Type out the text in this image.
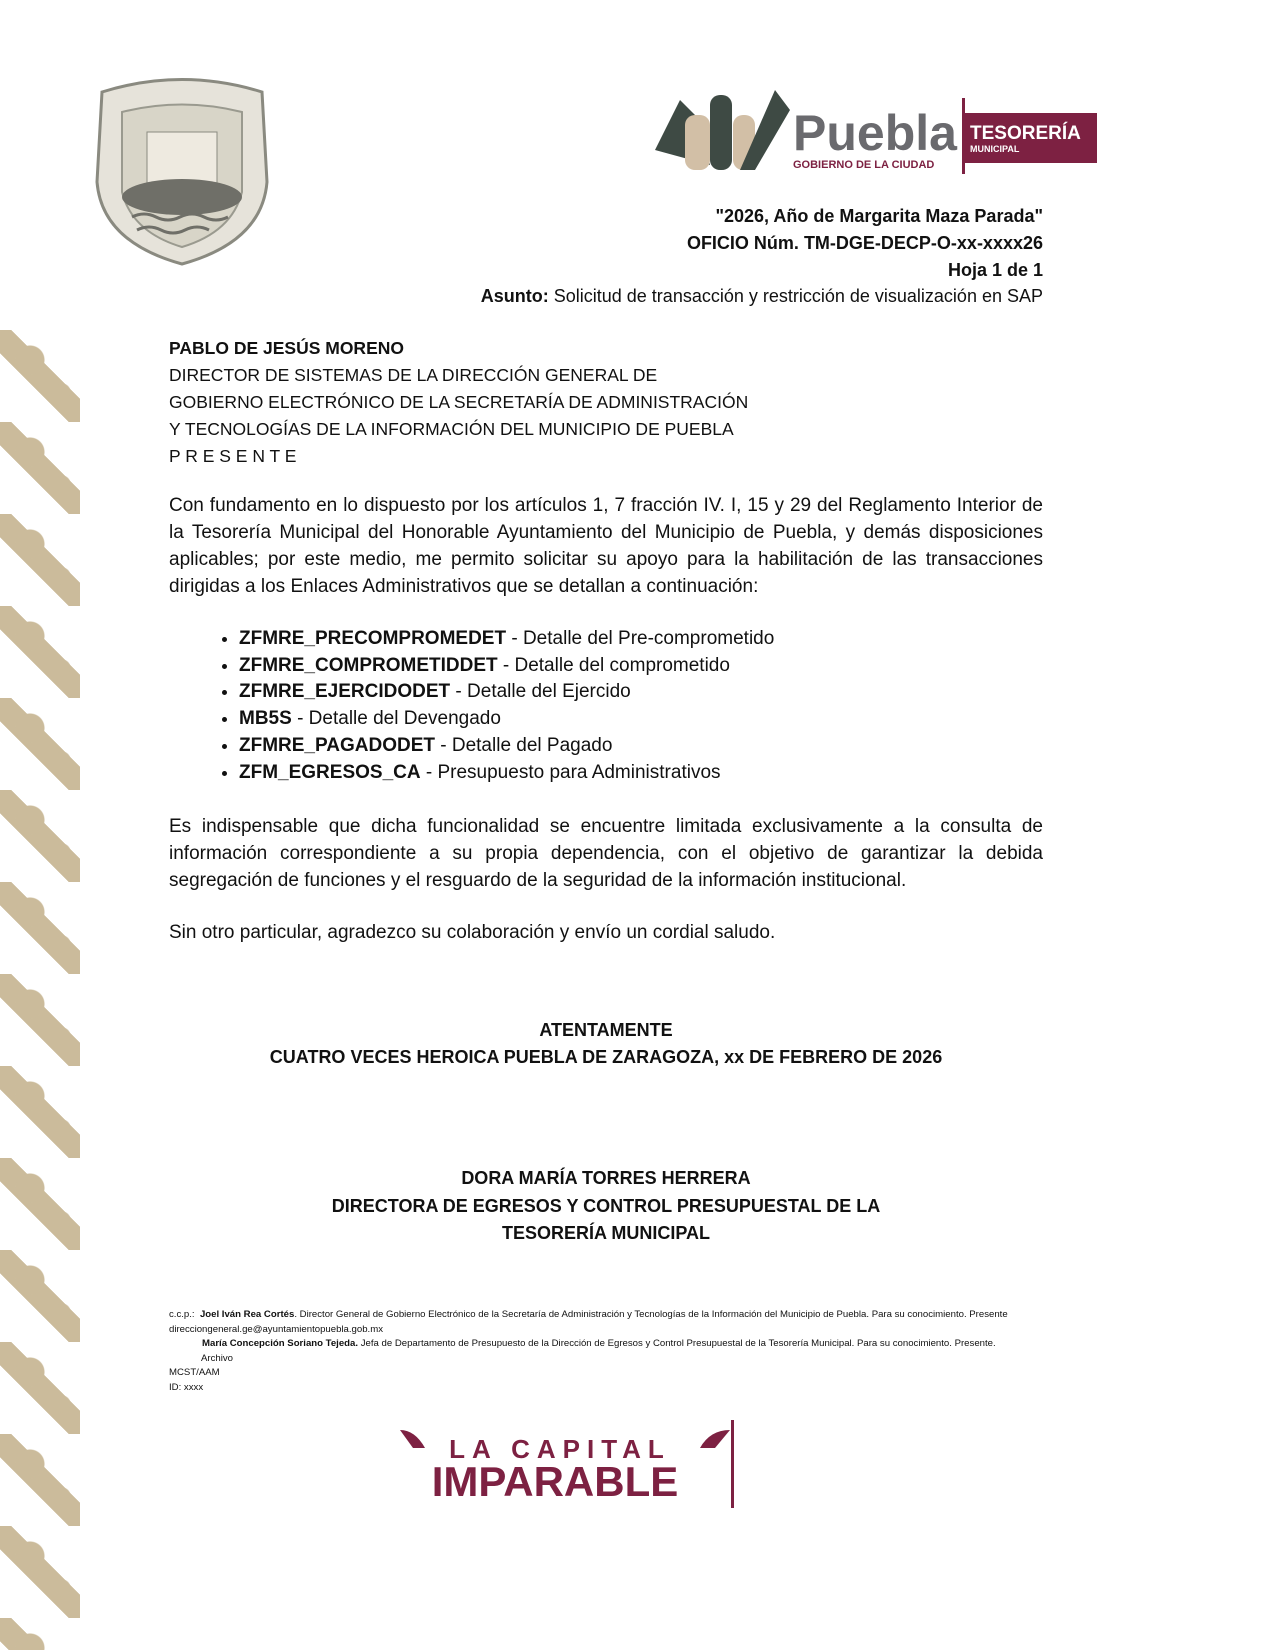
Puebla
GOBIERNO DE LA CIUDAD
TESORERÍA
MUNICIPAL
"2026, Año de Margarita Maza Parada"
OFICIO Núm. TM-DGE-DECP-O-xx-xxxx26
Hoja 1 de 1
Asunto: Solicitud de transacción y restricción de visualización en SAP
PABLO DE JESÚS MORENO
DIRECTOR DE SISTEMAS DE LA DIRECCIÓN GENERAL DE
GOBIERNO ELECTRÓNICO DE LA SECRETARÍA DE ADMINISTRACIÓN
Y TECNOLOGÍAS DE LA INFORMACIÓN DEL MUNICIPIO DE PUEBLA
P R E S E N T E
Con fundamento en lo dispuesto por los artículos 1, 7 fracción IV. I, 15 y 29 del Reglamento Interior de la Tesorería Municipal del Honorable Ayuntamiento del Municipio de Puebla, y demás disposiciones aplicables; por este medio, me permito solicitar su apoyo para la habilitación de las transacciones dirigidas a los Enlaces Administrativos que se detallan a continuación:
• ZFMRE_PRECOMPROMEDET - Detalle del Pre-comprometido
• ZFMRE_COMPROMETIDDET - Detalle del comprometido
• ZFMRE_EJERCIDODET - Detalle del Ejercido
• MB5S - Detalle del Devengado
• ZFMRE_PAGADODET - Detalle del Pagado
• ZFM_EGRESOS_CA - Presupuesto para Administrativos
Es indispensable que dicha funcionalidad se encuentre limitada exclusivamente a la consulta de información correspondiente a su propia dependencia, con el objetivo de garantizar la debida segregación de funciones y el resguardo de la seguridad de la información institucional.
Sin otro particular, agradezco su colaboración y envío un cordial saludo.
ATENTAMENTE
CUATRO VECES HEROICA PUEBLA DE ZARAGOZA, xx DE FEBRERO DE 2026
DORA MARÍA TORRES HERRERA
DIRECTORA DE EGRESOS Y CONTROL PRESUPUESTAL DE LA
TESORERÍA MUNICIPAL
c.c.p.: Joel Iván Rea Cortés. Director General de Gobierno Electrónico de la Secretaría de Administración y Tecnologías de la Información del Municipio de Puebla. Para su conocimiento. Presente direcciongeneral.ge@ayuntamientopuebla.gob.mx
María Concepción Soriano Tejeda. Jefa de Departamento de Presupuesto de la Dirección de Egresos y Control Presupuestal de la Tesorería Municipal. Para su conocimiento. Presente.
Archivo
MCST/AAM
ID: xxxx
LA CAPITAL
IMPARABLE
